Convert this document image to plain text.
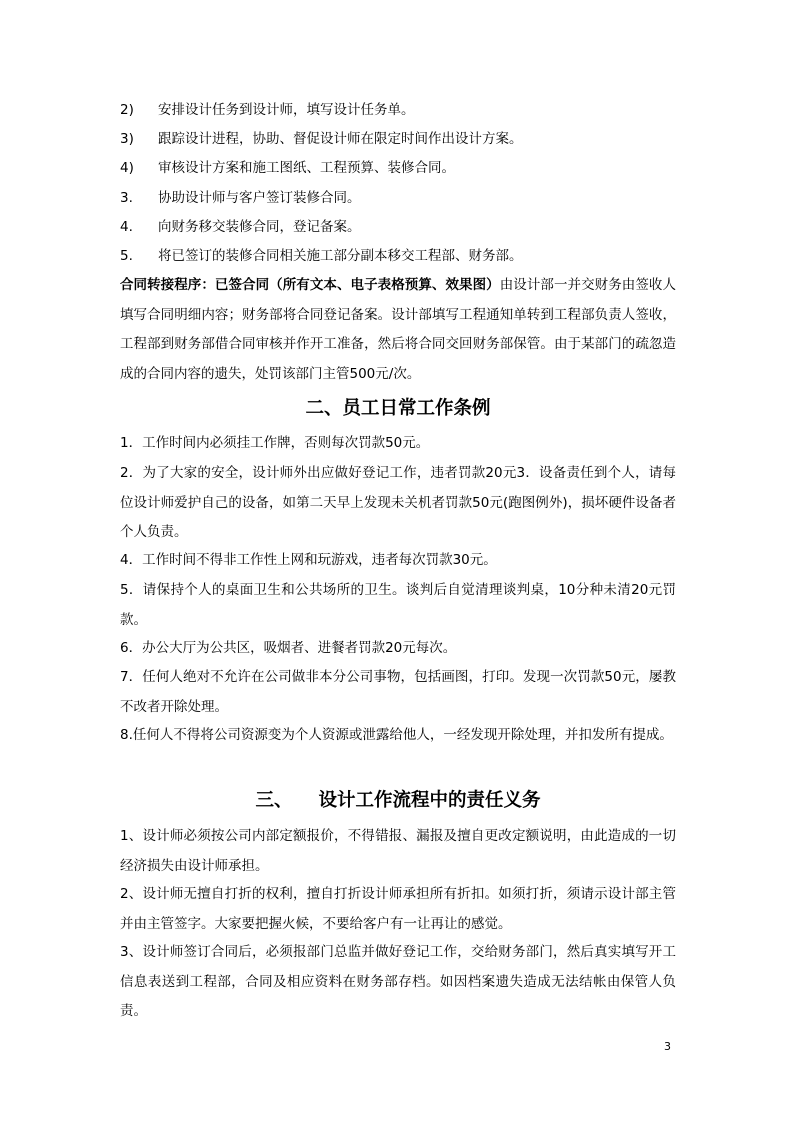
2) 安排设计任务到设计师，填写设计任务单。
3) 跟踪设计进程，协助、督促设计师在限定时间作出设计方案。
4) 审核设计方案和施工图纸、工程预算、装修合同。
3. 协助设计师与客户签订装修合同。
4. 向财务移交装修合同，登记备案。
5. 将已签订的装修合同相关施工部分副本移交工程部、财务部。
合同转接程序：已签合同（所有文本、电子表格预算、效果图）由设计部一并交财务由签收人填写合同明细内容；财务部将合同登记备案。设计部填写工程通知单转到工程部负责人签收，工程部到财务部借合同审核并作开工准备，然后将合同交回财务部保管。由于某部门的疏忽造成的合同内容的遗失，处罚该部门主管500元/次。
二、员工日常工作条例
1．工作时间内必须挂工作牌，否则每次罚款50元。
2．为了大家的安全，设计师外出应做好登记工作，违者罚款20元3．设备责任到个人，请每位设计师爱护自己的设备，如第二天早上发现未关机者罚款50元(跑图例外)，损坏硬件设备者个人负责。
4．工作时间不得非工作性上网和玩游戏，违者每次罚款30元。
5．请保持个人的桌面卫生和公共场所的卫生。谈判后自觉清理谈判桌，10分种未清20元罚款。
6．办公大厅为公共区，吸烟者、进餐者罚款20元每次。
7．任何人绝对不允许在公司做非本分公司事物，包括画图，打印。发现一次罚款50元，屡教不改者开除处理。
8.任何人不得将公司资源变为个人资源或泄露给他人，一经发现开除处理，并扣发所有提成。
三、 设计工作流程中的责任义务
1、设计师必须按公司内部定额报价，不得错报、漏报及擅自更改定额说明，由此造成的一切经济损失由设计师承担。
2、设计师无擅自打折的权利，擅自打折设计师承担所有折扣。如须打折，须请示设计部主管并由主管签字。大家要把握火候，不要给客户有一让再让的感觉。
3、设计师签订合同后，必须报部门总监并做好登记工作，交给财务部门，然后真实填写开工信息表送到工程部，合同及相应资料在财务部存档。如因档案遗失造成无法结帐由保管人负责。
3
